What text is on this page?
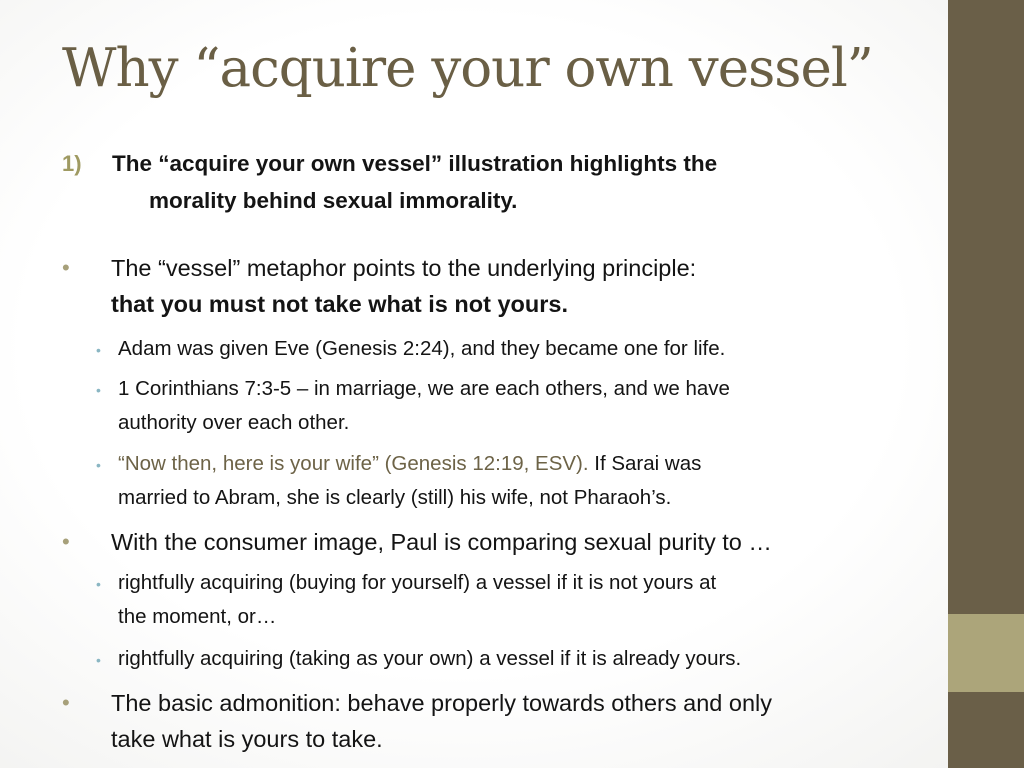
Why “acquire your own vessel”
1) The “acquire your own vessel” illustration highlights the
morality behind sexual immorality.
• The “vessel” metaphor points to the underlying principle:
that you must not take what is not yours.
• Adam was given Eve (Genesis 2:24), and they became one for life.
• 1 Corinthians 7:3-5 – in marriage, we are each others, and we have
authority over each other.
• “Now then, here is your wife” (Genesis 12:19, ESV). If Sarai was
married to Abram, she is clearly (still) his wife, not Pharaoh’s.
• With the consumer image, Paul is comparing sexual purity to …
• rightfully acquiring (buying for yourself) a vessel if it is not yours at
the moment, or…
• rightfully acquiring (taking as your own) a vessel if it is already yours.
• The basic admonition: behave properly towards others and only
take what is yours to take.
